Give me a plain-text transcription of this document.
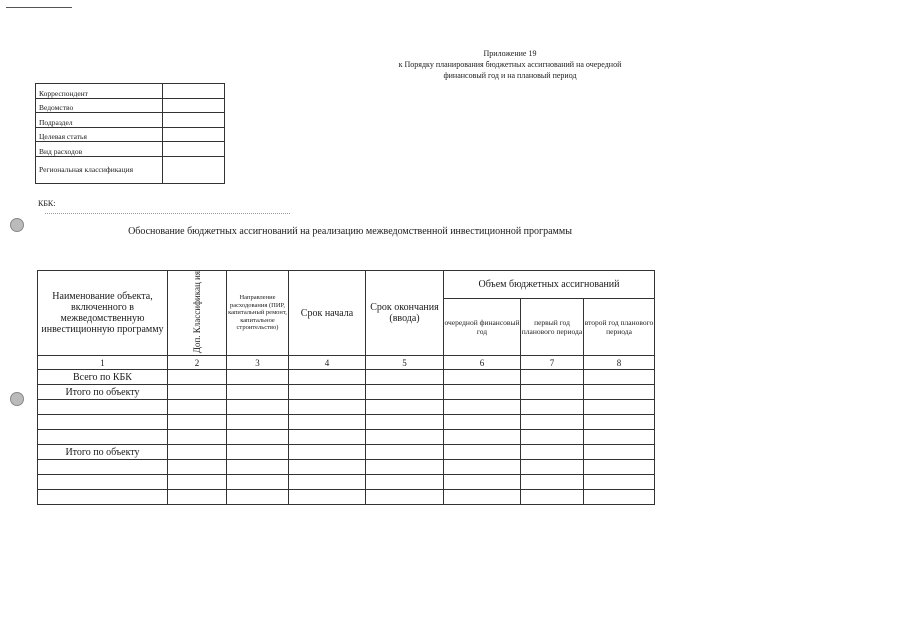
Приложение 19
к Порядку планирования бюджетных ассигнований на очередной
финансовый год и на плановый период
Корреспондент	
Ведомство	
Подраздел	
Целевая статья	
Вид расходов	
Региональная классификация	
КБК:
Обоснование бюджетных ассигнований на реализацию межведомственной инвестиционной программы
Наименование объекта, включенного в межведомственную инвестиционную программу	Доп. Классификац ия	Направление расходования (ПИР, капитальный ремонт, капитальное строительство)	Срок начала	Срок окончания (ввода)	Объем бюджетных ассигнований		
					очередной финансовый год	первый год планового периода	второй год планового периода
1	2	3	4	5	6	7	8
Всего по КБК							
Итого по объекту							

Итого по объекту							
